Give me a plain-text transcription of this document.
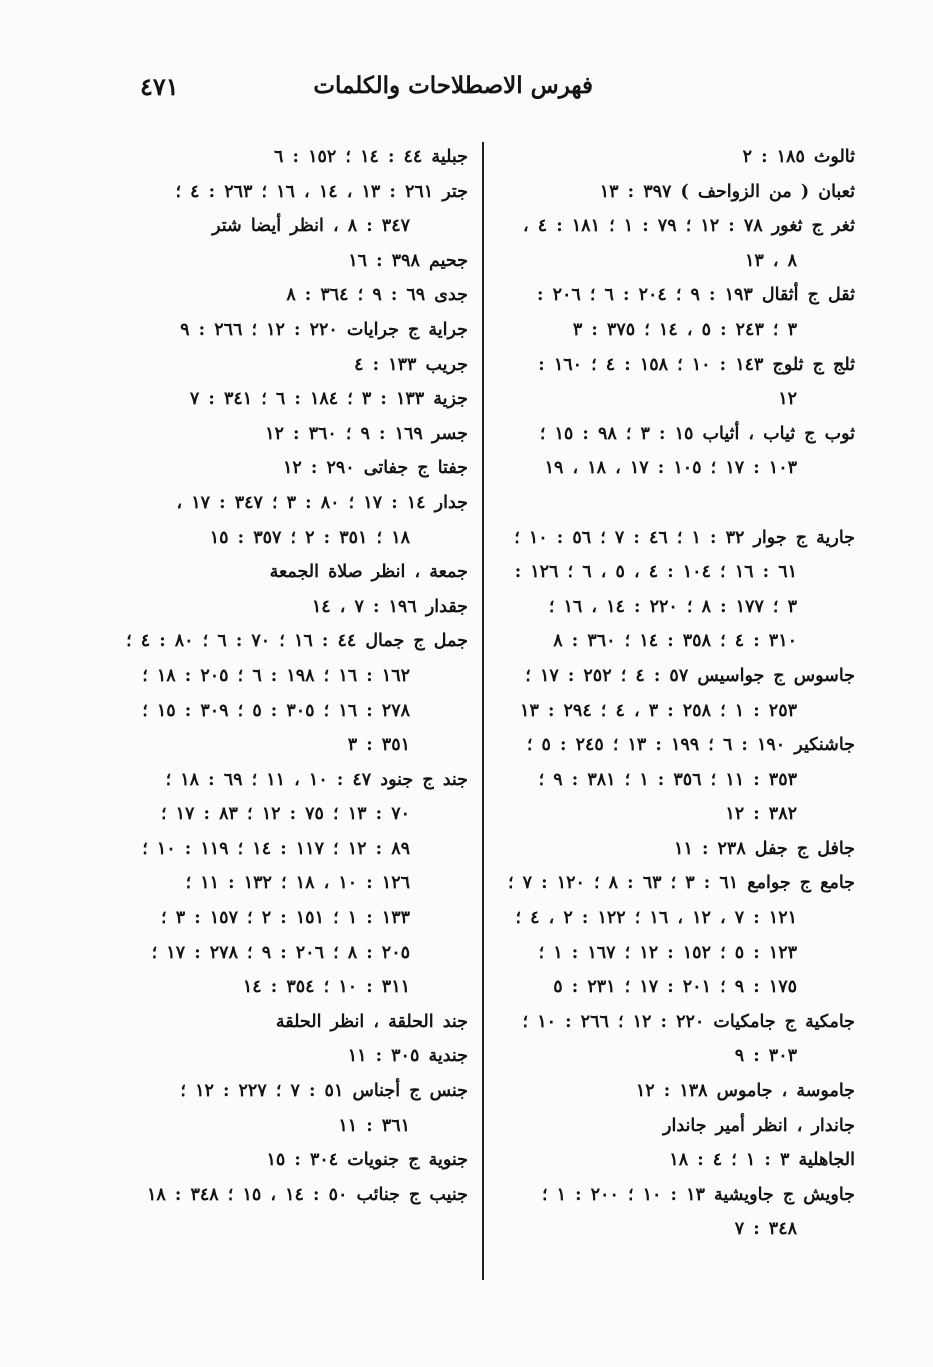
فهرس الاصطلاحات والكلمات
٤٧١
ثالوث ١٨٥ : ٢
ثعبان ( من الزواحف ) ٣٩٧ : ١٣
ثغر ج ثغور ٧٨ : ١٢ ؛ ٧٩ : ١ ؛ ١٨١ : ٤ ،
٨ ، ١٣
ثقل ج أثقال ١٩٣ : ٩ ؛ ٢٠٤ : ٦ ؛ ٢٠٦ :
٣ ؛ ٢٤٣ : ٥ ، ١٤ ؛ ٣٧٥ : ٣
ثلج ج ثلوج ١٤٣ : ١٠ ؛ ١٥٨ : ٤ ؛ ١٦٠ :
١٢
ثوب ج ثياب ، أثياب ١٥ : ٣ ؛ ٩٨ : ١٥ ؛
١٠٣ : ١٧ ؛ ١٠٥ : ١٧ ، ١٨ ، ١٩
جارية ج جوار ٣٢ : ١ ؛ ٤٦ : ٧ ؛ ٥٦ : ١٠ ؛
٦١ : ١٦ ؛ ١٠٤ : ٤ ، ٥ ، ٦ ؛ ١٢٦ :
٣ ؛ ١٧٧ : ٨ ؛ ٢٢٠ : ١٤ ، ١٦ ؛
٣١٠ : ٤ ؛ ٣٥٨ : ١٤ ؛ ٣٦٠ : ٨
جاسوس ج جواسيس ٥٧ : ٤ ؛ ٢٥٢ : ١٧ ؛
٢٥٣ : ١ ؛ ٢٥٨ : ٣ ، ٤ ؛ ٢٩٤ : ١٣
جاشنكير ١٩٠ : ٦ ؛ ١٩٩ : ١٣ ؛ ٢٤٥ : ٥ ؛
٣٥٣ : ١١ ؛ ٣٥٦ : ١ ؛ ٣٨١ : ٩ ؛
٣٨٢ : ١٢
جافل ج جفل ٢٣٨ : ١١
جامع ج جوامع ٦١ : ٣ ؛ ٦٣ : ٨ ؛ ١٢٠ : ٧ ؛
١٢١ : ٧ ، ١٢ ، ١٦ ؛ ١٢٢ : ٢ ، ٤ ؛
١٢٣ : ٥ ؛ ١٥٢ : ١٢ ؛ ١٦٧ : ١ ؛
١٧٥ : ٩ ؛ ٢٠١ : ١٧ ؛ ٢٣١ : ٥
جامكية ج جامكيات ٢٢٠ : ١٢ ؛ ٢٦٦ : ١٠ ؛
٣٠٣ : ٩
جاموسة ، جاموس ١٣٨ : ١٢
جاندار ، انظر أمير جاندار
الجاهلية ٣ : ١ ؛ ٤ : ١٨
جاويش ج جاويشية ١٣ : ١٠ ؛ ٢٠٠ : ١ ؛
٣٤٨ : ٧
جبلية ٤٤ : ١٤ ؛ ١٥٢ : ٦
جتر ٢٦١ : ١٣ ، ١٤ ، ١٦ ؛ ٢٦٣ : ٤ ؛
٣٤٧ : ٨ ، انظر أيضا شتر
جحيم ٣٩٨ : ١٦
جدى ٦٩ : ٩ ؛ ٣٦٤ : ٨
جراية ج جرايات ٢٢٠ : ١٢ ؛ ٢٦٦ : ٩
جريب ١٣٣ : ٤
جزية ١٣٣ : ٣ ؛ ١٨٤ : ٦ ؛ ٣٤١ : ٧
جسر ١٦٩ : ٩ ؛ ٣٦٠ : ١٢
جفتا ج جفاتى ٢٩٠ : ١٢
جدار ١٤ : ١٧ ؛ ٨٠ : ٣ ؛ ٣٤٧ : ١٧ ،
١٨ ؛ ٣٥١ : ٢ ؛ ٣٥٧ : ١٥
جمعة ، انظر صلاة الجمعة
جقدار ١٩٦ : ٧ ، ١٤
جمل ج جمال ٤٤ : ١٦ ؛ ٧٠ : ٦ ؛ ٨٠ : ٤ ؛
١٦٢ : ١٦ ؛ ١٩٨ : ٦ ؛ ٢٠٥ : ١٨ ؛
٢٧٨ : ١٦ ؛ ٣٠٥ : ٥ ؛ ٣٠٩ : ١٥ ؛
٣٥١ : ٣
جند ج جنود ٤٧ : ١٠ ، ١١ ؛ ٦٩ : ١٨ ؛
٧٠ : ١٣ ؛ ٧٥ : ١٢ ؛ ٨٣ : ١٧ ؛
٨٩ : ١٢ ؛ ١١٧ : ١٤ ؛ ١١٩ : ١٠ ؛
١٢٦ : ١٠ ، ١٨ ؛ ١٣٢ : ١١ ؛
١٣٣ : ١ ؛ ١٥١ : ٢ ؛ ١٥٧ : ٣ ؛
٢٠٥ : ٨ ؛ ٢٠٦ : ٩ ؛ ٢٧٨ : ١٧ ؛
٣١١ : ١٠ ؛ ٣٥٤ : ١٤
جند الحلقة ، انظر الحلقة
جندية ٣٠٥ : ١١
جنس ج أجناس ٥١ : ٧ ؛ ٢٢٧ : ١٢ ؛
٣٦١ : ١١
جنوية ج جنويات ٣٠٤ : ١٥
جنيب ج جنائب ٥٠ : ١٤ ، ١٥ ؛ ٣٤٨ : ١٨
